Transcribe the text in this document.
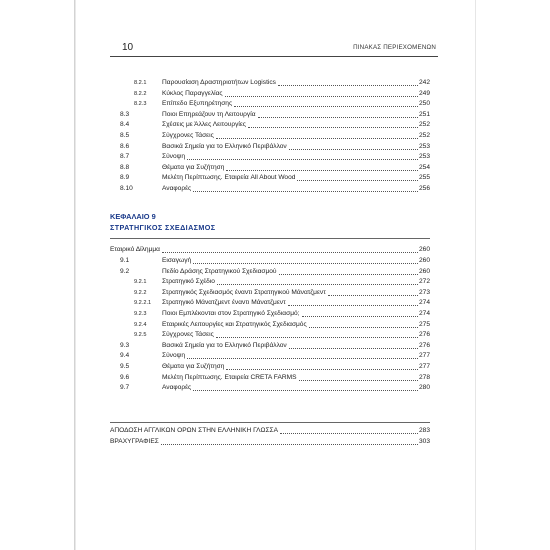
10	ΠΙΝΑΚΑΣ ΠΕΡΙΕΧΟΜΕΝΩΝ
8.2.1 Παρουσίαση Δραστηριοτήτων Logistics	242
8.2.2 Κύκλος Παραγγελίας	249
8.2.3 Επίπεδο Εξυπηρέτησης	250
8.3	Ποιοι Επηρεάζουν τη Λειτουργία	251
8.4	Σχέσεις με Άλλες Λειτουργίες	252
8.5	Σύγχρονες Τάσεις	252
8.6	Βασικά Σημεία για το Ελληνικό Περιβάλλον	253
8.7	Σύνοψη	253
8.8	Θέματα για Συζήτηση	254
8.9	Μελέτη Περίπτωσης. Εταιρεία All About Wood	255
8.10	Αναφορές	256
ΚΕΦΑΛΑΙΟ 9
ΣΤΡΑΤΗΓΙΚΟΣ ΣΧΕΔΙΑΣΜΟΣ
Εταιρικό Δίλημμα	260
9.1	Εισαγωγή	260
9.2	Πεδίο Δράσης Στρατηγικού Σχεδιασμού	260
9.2.1 Στρατηγικό Σχέδιο	272
9.2.2 Στρατηγικός Σχεδιασμός έναντι Στρατηγικού Μάνατζμεντ	273
9.2.2.1 Στρατηγικό Μάνατζμεντ έναντι Μάνατζμεντ	274
9.2.3 Ποιοι Εμπλέκονται στον Στρατηγικό Σχεδιασμό;	274
9.2.4 Εταιρικές Λειτουργίες και Στρατηγικός Σχεδιασμός	275
9.2.5 Σύγχρονες Τάσεις	276
9.3	Βασικά Σημεία για το Ελληνικό Περιβάλλον	276
9.4	Σύνοψη	277
9.5	Θέματα για Συζήτηση	277
9.6	Μελέτη Περίπτωσης. Εταιρεία CRETA FARMS	278
9.7	Αναφορές	280
ΑΠΟΔΟΣΗ ΑΓΓΛΙΚΩΝ ΟΡΩΝ ΣΤΗΝ ΕΛΛΗΝΙΚΗ ΓΛΩΣΣΑ	283
ΒΡΑΧΥΓΡΑΦΙΕΣ	303
